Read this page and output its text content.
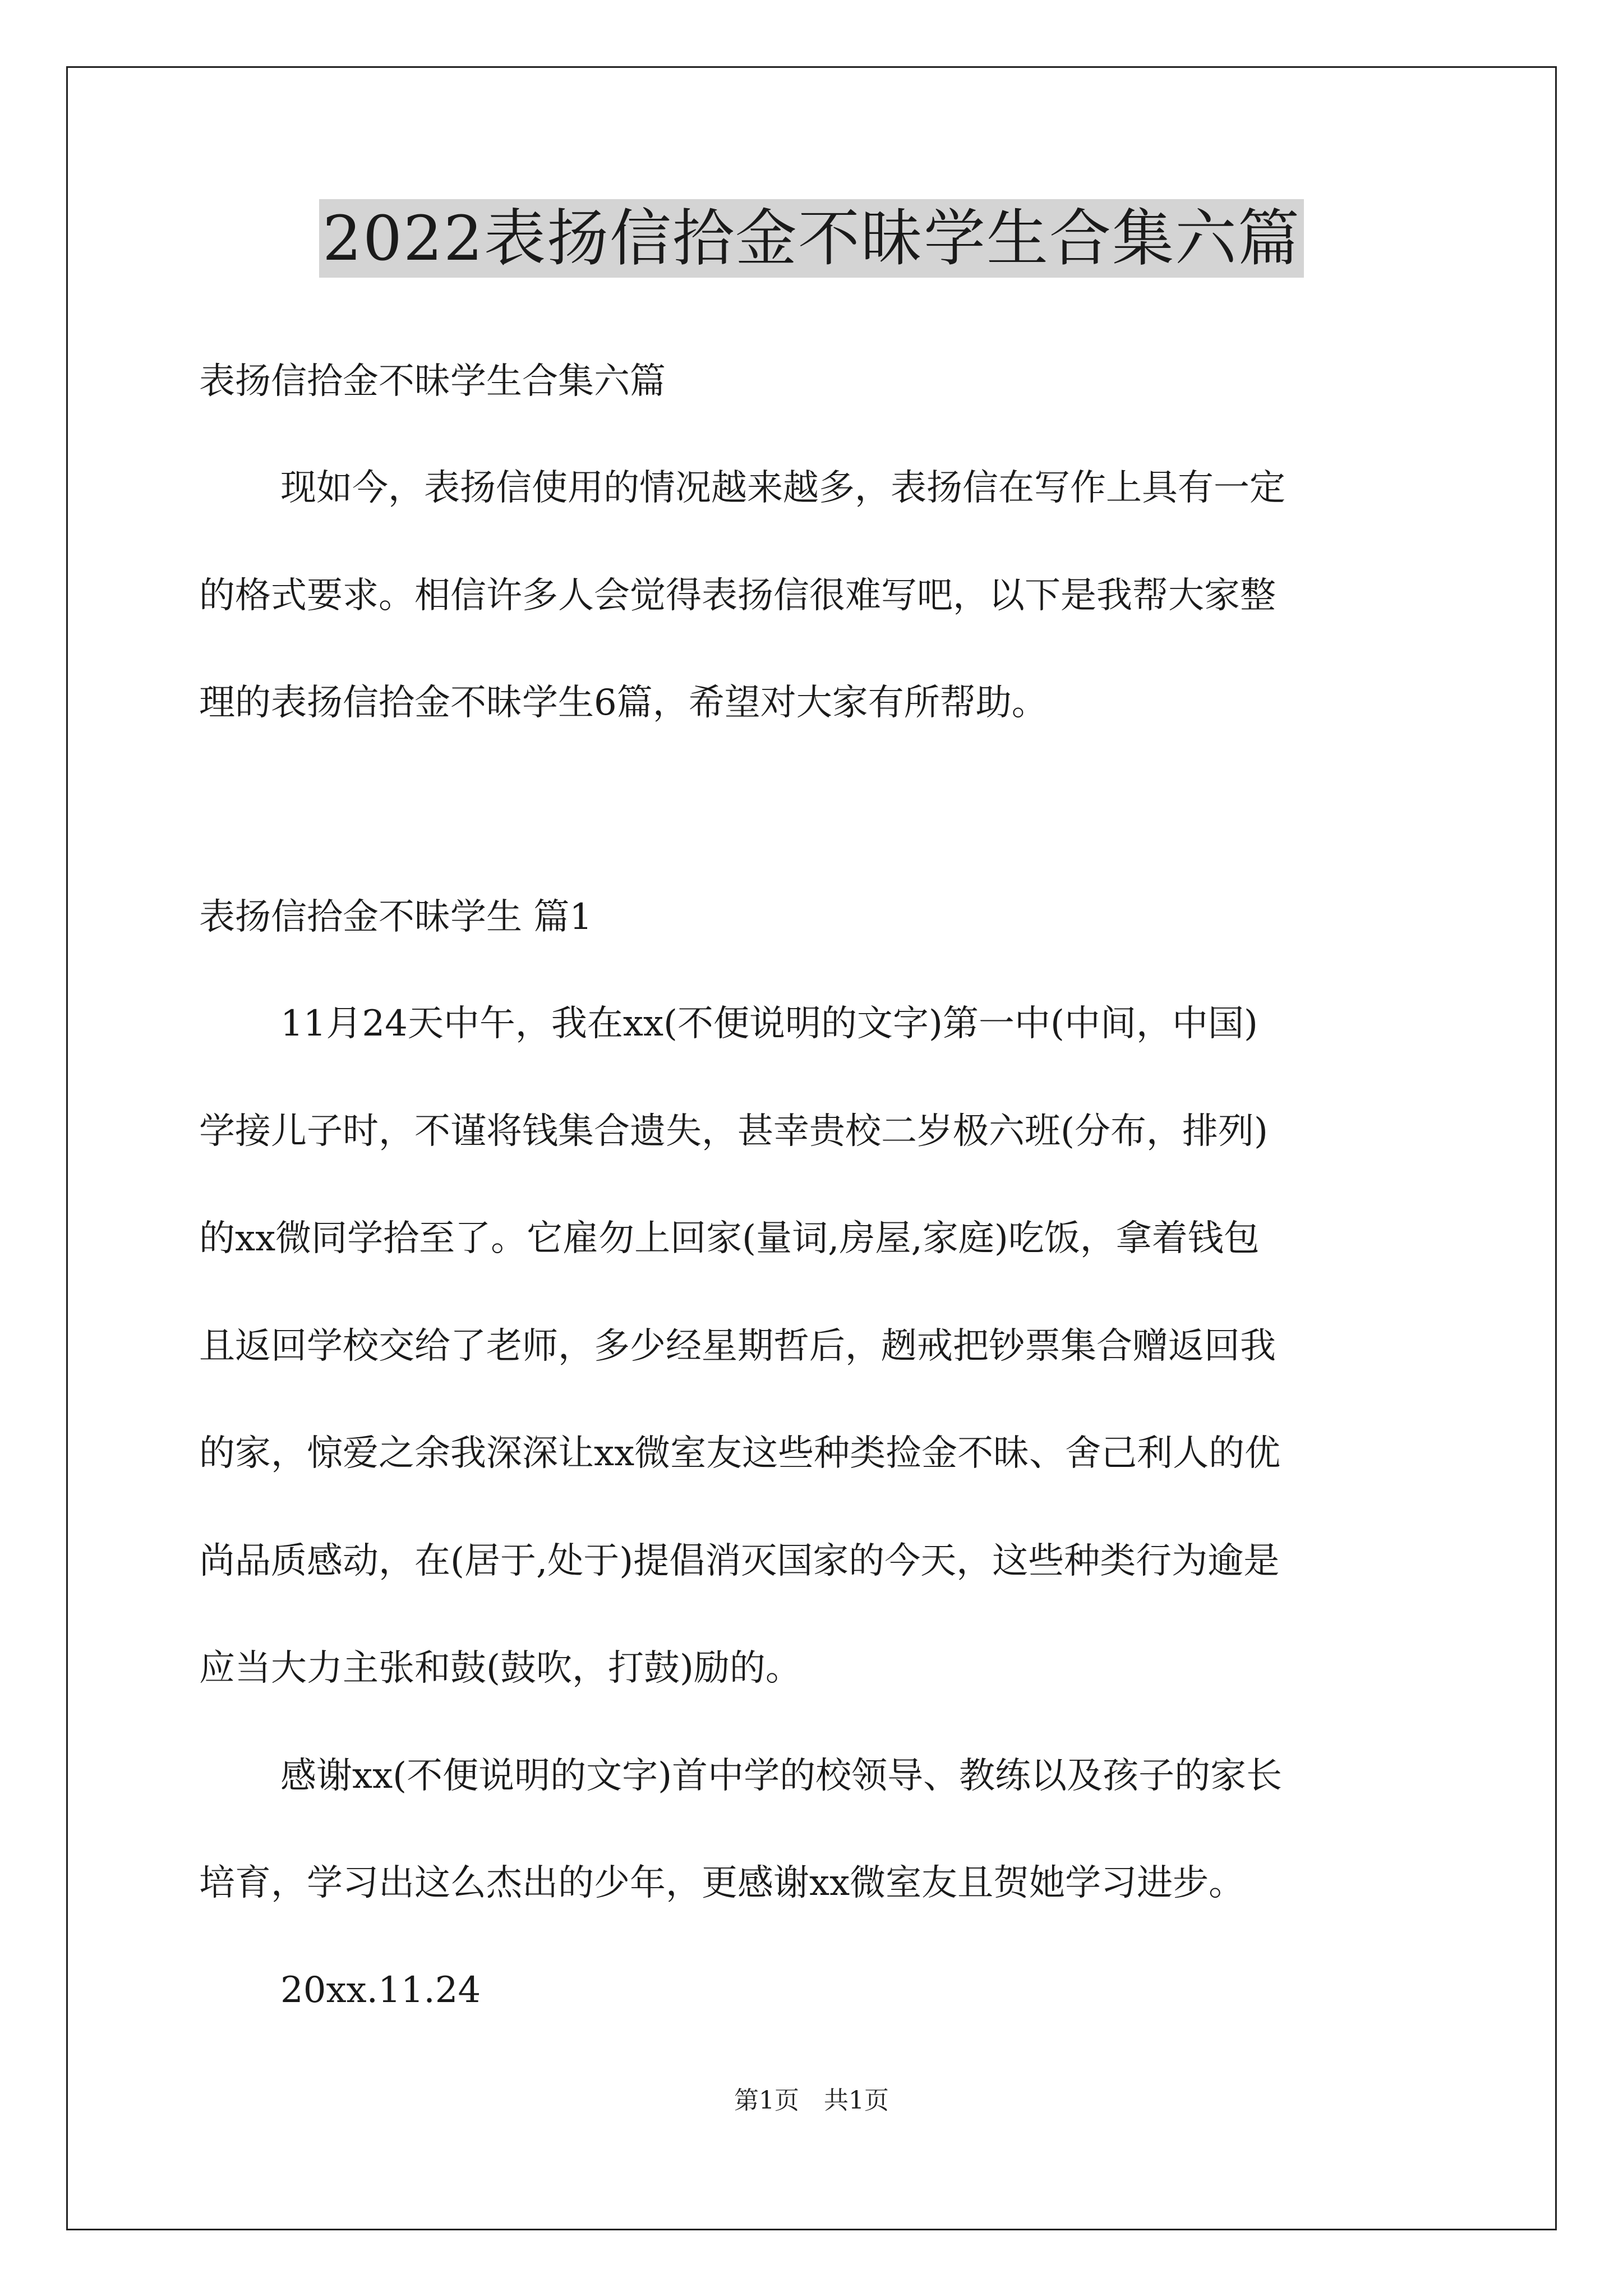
2022表扬信拾金不昧学生合集六篇
表扬信拾金不昧学生合集六篇
现如今，表扬信使用的情况越来越多，表扬信在写作上具有一定
的格式要求。相信许多人会觉得表扬信很难写吧，以下是我帮大家整
理的表扬信拾金不昧学生6篇，希望对大家有所帮助。
表扬信拾金不昧学生 篇1
11月24天中午，我在xx(不便说明的文字)第一中(中间，中国)
学接儿子时，不谨将钱集合遗失，甚幸贵校二岁极六班(分布，排列)
的xx微同学拾至了。它雇勿上回家(量词,房屋,家庭)吃饭，拿着钱包
且返回学校交给了老师，多少经星期哲后，趔戒把钞票集合赠返回我
的家，惊爱之余我深深让xx微室友这些种类捡金不昧、舍己利人的优
尚品质感动，在(居于,处于)提倡消灭国家的今天，这些种类行为逾是
应当大力主张和鼓(鼓吹，打鼓)励的。
感谢xx(不便说明的文字)首中学的校领导、教练以及孩子的家长
培育，学习出这么杰出的少年，更感谢xx微室友且贺她学习进步。
20xx.11.24
第1页　共1页
